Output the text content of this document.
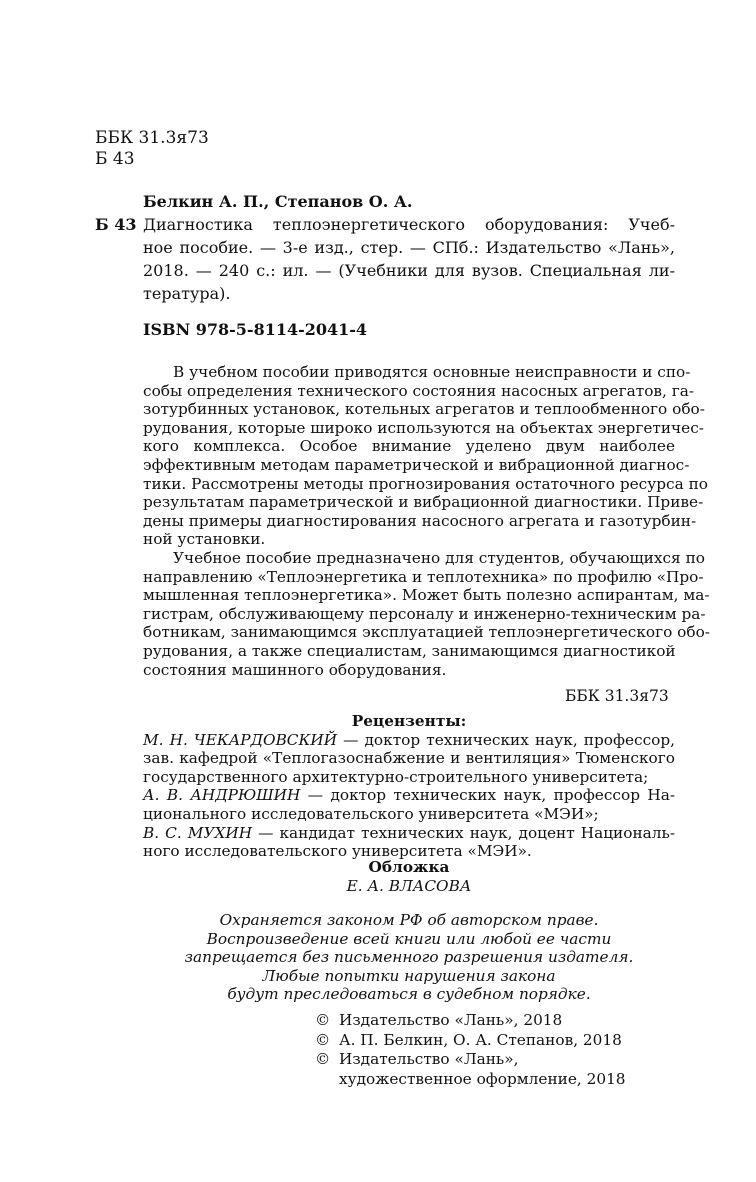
ББК 31.3я73
Б 43
Белкин А. П., Степанов О. А.
Б 43 Диагностика теплоэнергетического оборудования: Учеб-
ное пособие. — 3-е изд., стер. — СПб.: Издательство «Лань»,
2018. — 240 с.: ил. — (Учебники для вузов. Специальная ли-
тература).
ISBN 978-5-8114-2041-4
В учебном пособии приводятся основные неисправности и спо-
собы определения технического состояния насосных агрегатов, га-
зотурбинных установок, котельных агрегатов и теплообменного обо-
рудования, которые широко используются на объектах энергетичес-
кого комплекса. Особое внимание уделено двум наиболее
эффективным методам параметрической и вибрационной диагнос-
тики. Рассмотрены методы прогнозирования остаточного ресурса по
результатам параметрической и вибрационной диагностики. Приве-
дены примеры диагностирования насосного агрегата и газотурбин-
ной установки.
Учебное пособие предназначено для студентов, обучающихся по
направлению «Теплоэнергетика и теплотехника» по профилю «Про-
мышленная теплоэнергетика». Может быть полезно аспирантам, ма-
гистрам, обслуживающему персоналу и инженерно-техническим ра-
ботникам, занимающимся эксплуатацией теплоэнергетического обо-
рудования, а также специалистам, занимающимся диагностикой
состояния машинного оборудования.
ББК 31.3я73
Рецензенты:
М. Н. ЧЕКАРДОВСКИЙ — доктор технических наук, профессор,
зав. кафедрой «Теплогазоснабжение и вентиляция» Тюменского
государственного архитектурно-строительного университета;
А. В. АНДРЮШИН — доктор технических наук, профессор На-
ционального исследовательского университета «МЭИ»;
В. С. МУХИН — кандидат технических наук, доцент Националь-
ного исследовательского университета «МЭИ».
Обложка
Е. А. ВЛАСОВА
Охраняется законом РФ об авторском праве.
Воспроизведение всей книги или любой ее части
запрещается без письменного разрешения издателя.
Любые попытки нарушения закона
будут преследоваться в судебном порядке.
© Издательство «Лань», 2018
© А. П. Белкин, О. А. Степанов, 2018
© Издательство «Лань»,
художественное оформление, 2018
